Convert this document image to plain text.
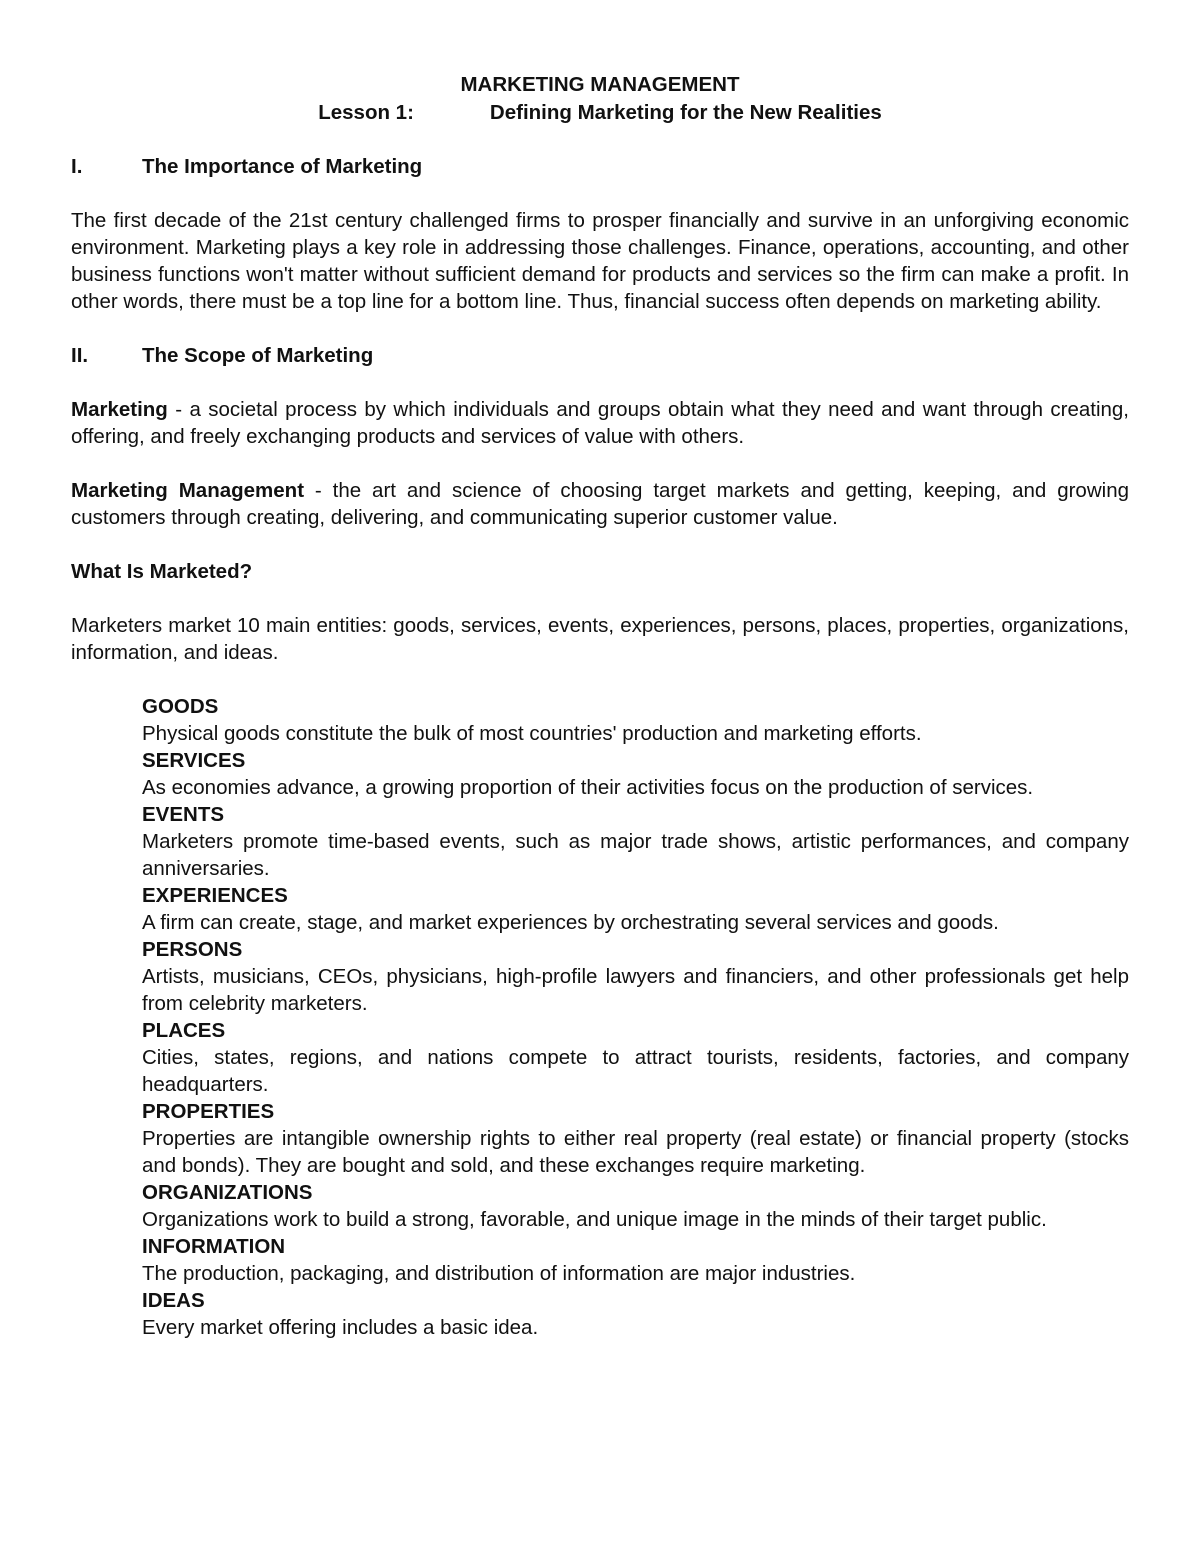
MARKETING MANAGEMENT

Lesson 1:	Defining Marketing for the New Realities

I.	The Importance of Marketing

The first decade of the 21st century challenged firms to prosper financially and survive in an unforgiving economic environment. Marketing plays a key role in addressing those challenges. Finance, operations, accounting, and other business functions won't matter without sufficient demand for products and services so the firm can make a profit. In other words, there must be a top line for a bottom line. Thus, financial success often depends on marketing ability.

II.	The Scope of Marketing

Marketing - a societal process by which individuals and groups obtain what they need and want through creating, offering, and freely exchanging products and services of value with others.

Marketing Management - the art and science of choosing target markets and getting, keeping, and growing customers through creating, delivering, and communicating superior customer value.

What Is Marketed?

Marketers market 10 main entities: goods, services, events, experiences, persons, places, properties, organizations, information, and ideas.

GOODS

Physical goods constitute the bulk of most countries' production and marketing efforts.

SERVICES

As economies advance, a growing proportion of their activities focus on the production of services.

EVENTS

Marketers promote time-based events, such as major trade shows, artistic performances, and company anniversaries.

EXPERIENCES

A firm can create, stage, and market experiences by orchestrating several services and goods.

PERSONS

Artists, musicians, CEOs, physicians, high-profile lawyers and financiers, and other professionals get help from celebrity marketers.

PLACES

Cities, states, regions, and nations compete to attract tourists, residents, factories, and company headquarters.

PROPERTIES

Properties are intangible ownership rights to either real property (real estate) or financial property (stocks and bonds). They are bought and sold, and these exchanges require marketing.

ORGANIZATIONS

Organizations work to build a strong, favorable, and unique image in the minds of their target public.

INFORMATION

The production, packaging, and distribution of information are major industries.

IDEAS

Every market offering includes a basic idea.
